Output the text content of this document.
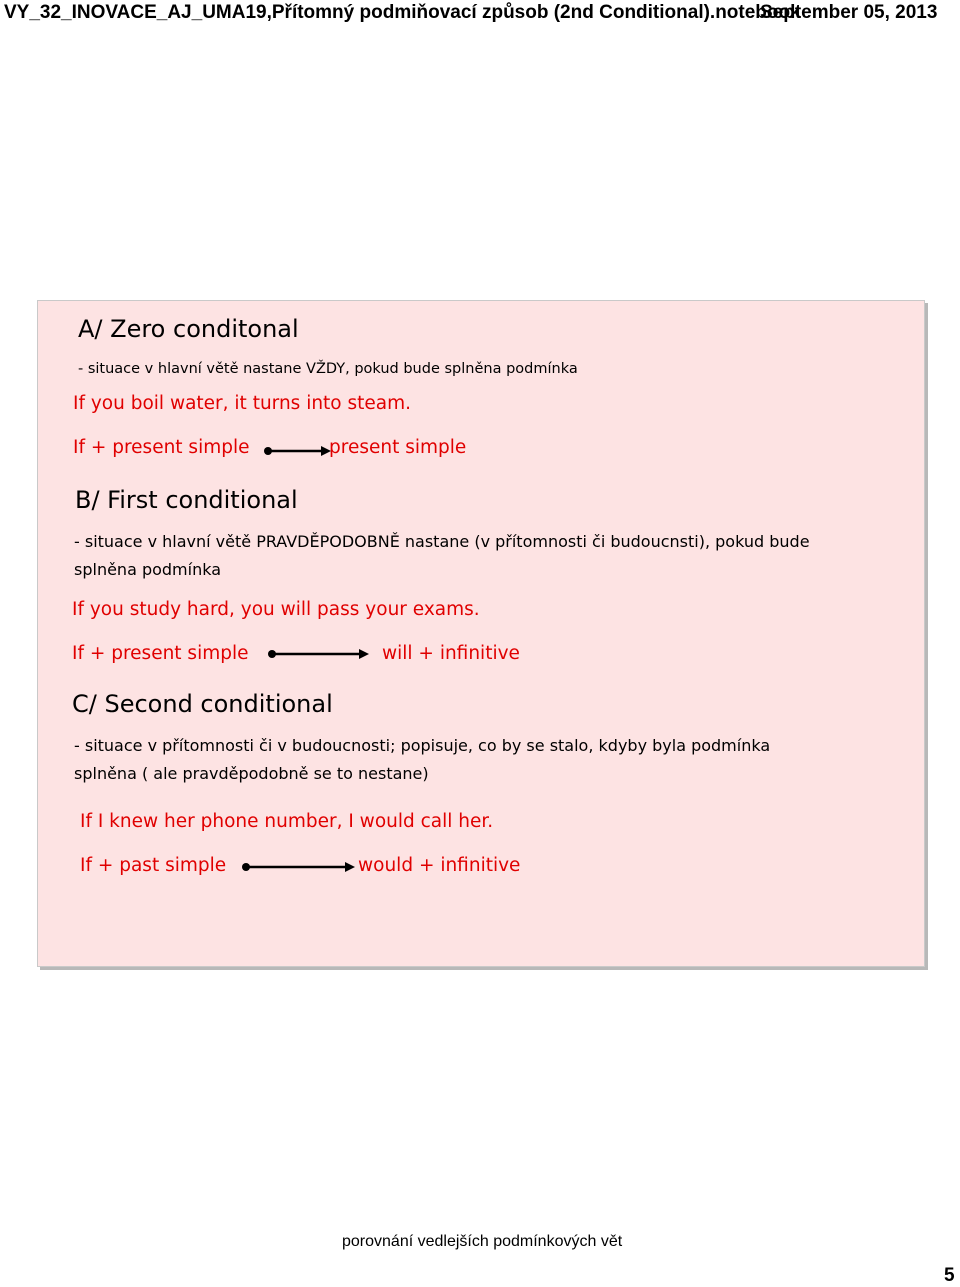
VY_32_INOVACE_AJ_UMA19,Přítomný podmiňovací způsob (2nd Conditional).notebook
September 05, 2013
A/ Zero conditonal
- situace v hlavní větě nastane VŽDY, pokud bude splněna podmínka
If you boil water, it turns into steam.
If + present simple	present simple
B/ First conditional
- situace v hlavní větě PRAVDĚPODOBNĚ nastane (v přítomnosti či budoucnsti), pokud bude
splněna podmínka
If you study hard, you will pass your exams.
If + present simple	will + infinitive
C/ Second conditional
- situace v přítomnosti či v budoucnosti; popisuje, co by se stalo, kdyby byla podmínka
splněna ( ale pravděpodobně se to nestane)
If I knew her phone number, I would call her.
If + past simple	would + infinitive
porovnání vedlejších podmínkových vět
5
